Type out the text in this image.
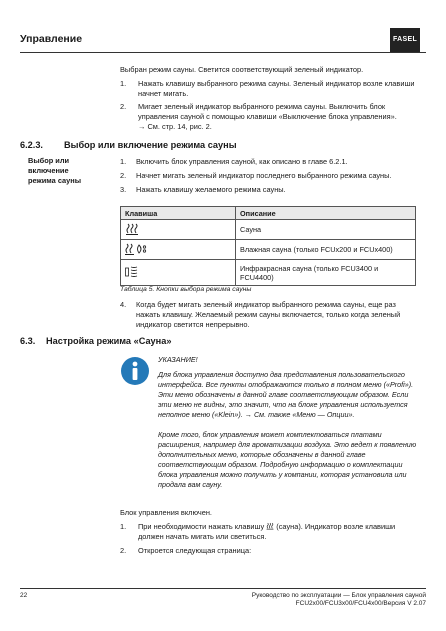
Управление	FASEL
Выбран режим сауны. Светится соответствующий зеленый индикатор.
1.	Нажать клавишу выбранного режима сауны. Зеленый индикатор возле клавиши начнет мигать.
2.	Мигает зеленый индикатор выбранного режима сауны. Выключить блок управления сауной с помощью клавиши «Выключение блока управления».
→ См. стр. 14, рис. 2.
6.2.3. Выбор или включение режима сауны
Выбор или включение режима сауны
1.	Включить блок управления сауной, как описано в главе 6.2.1.
2.	Начнет мигать зеленый индикатор последнего выбранного режима сауны.
3.	Нажать клавишу желаемого режима сауны.
Клавиша	Описание
	Сауна
	Влажная сауна (только FCUx200 и FCUx400)
	Инфракрасная сауна (только FCU3400 и FCU4400)
Таблица 5. Кнопки выбора режима сауны
4.	Когда будет мигать зеленый индикатор выбранного режима сауны, еще раз нажать клавишу. Желаемый режим сауны включается, только когда зеленый индикатор светится непрерывно.
6.3. Настройка режима «Сауна»
УКАЗАНИЕ!
Для блока управления доступно два представления пользовательского интерфейса. Все пункты отображаются только в полном меню («Profi»). Эти меню обозначены в данной главе соответствующим образом. Если эти меню не видны, это значит, что на блоке управления используется неполное меню («Klein»). → См. также «Меню — Опции».
Кроме того, блок управления может комплектоваться платами расширения, например для ароматизации воздуха. Это ведет к появлению дополнительных меню, которые обозначены в данной главе соответствующим образом. Подробную информацию о комплектации блока управления можно получить у компании, которая установила или продала вам сауну.
Блок управления включен.
1.	При необходимости нажать клавишу (сауна). Индикатор возле клавиши должен начать мигать или светиться.
2.	Откроется следующая страница:
22	Руководство по эксплуатации — Блок управления сауной
FCU2x00/FCU3x00/FCU4x00/Версия V 2.07
